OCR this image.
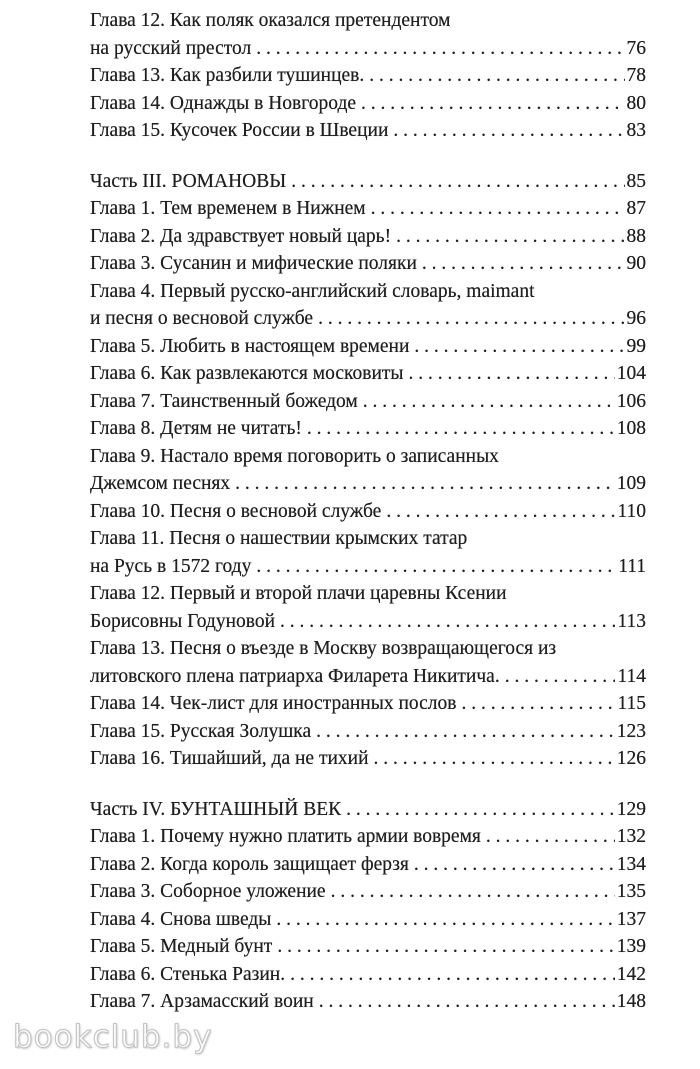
Глава 12. Как поляк оказался претендентом
на русский престол . . .	76
Глава 13. Как разбили тушинцев. . . .	78
Глава 14. Однажды в Новгороде . . .	80
Глава 15. Кусочек России в Швеции . . .	83
Часть III. РОМАНОВЫ . . .	85
Глава 1. Тем временем в Нижнем . . .	87
Глава 2. Да здравствует новый царь! . . .	88
Глава 3. Сусанин и мифические поляки . . .	90
Глава 4. Первый русско-английский словарь, maimant
и песня о весновой службе . . .	96
Глава 5. Любить в настоящем времени . . .	99
Глава 6. Как развлекаются московиты . . .	104
Глава 7. Таинственный божедом . . .	106
Глава 8. Детям не читать! . . .	108
Глава 9. Настало время поговорить о записанных
Джемсом песнях . . .	109
Глава 10. Песня о весновой службе . . .	110
Глава 11. Песня о нашествии крымских татар
на Русь в 1572 году . . .	111
Глава 12. Первый и второй плачи царевны Ксении
Борисовны Годуновой . . .	113
Глава 13. Песня о въезде в Москву возвращающегося из
литовского плена патриарха Филарета Никитича. . . .	114
Глава 14. Чек-лист для иностранных послов . . .	115
Глава 15. Русская Золушка . . .	123
Глава 16. Тишайший, да не тихий . . .	126
Часть IV. БУНТАШНЫЙ ВЕК . . .	129
Глава 1. Почему нужно платить армии вовремя . . .	132
Глава 2. Когда король защищает ферзя . . .	134
Глава 3. Соборное уложение . . .	135
Глава 4. Снова шведы . . .	137
Глава 5. Медный бунт . . .	139
Глава 6. Стенька Разин. . . .	142
Глава 7. Арзамасский воин . . .	148
bookclub.by
